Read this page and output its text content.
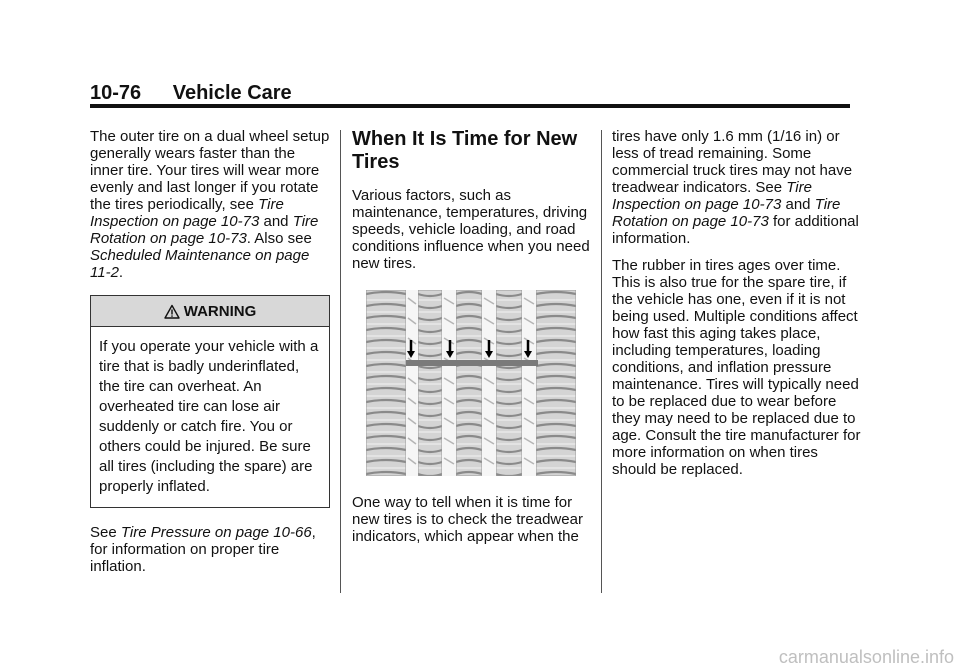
10-76 Vehicle Care

The outer tire on a dual wheel setup generally wears faster than the inner tire. Your tires will wear more evenly and last longer if you rotate the tires periodically, see Tire Inspection on page 10-73 and Tire Rotation on page 10-73. Also see Scheduled Maintenance on page 11-2.

WARNING
If you operate your vehicle with a tire that is badly underinflated, the tire can overheat. An overheated tire can lose air suddenly or catch fire. You or others could be injured. Be sure all tires (including the spare) are properly inflated.

See Tire Pressure on page 10-66, for information on proper tire inflation.

When It Is Time for New Tires

Various factors, such as maintenance, temperatures, driving speeds, vehicle loading, and road conditions influence when you need new tires.

One way to tell when it is time for new tires is to check the treadwear indicators, which appear when the

tires have only 1.6 mm (1/16 in) or less of tread remaining. Some commercial truck tires may not have treadwear indicators. See Tire Inspection on page 10-73 and Tire Rotation on page 10-73 for additional information.

The rubber in tires ages over time. This is also true for the spare tire, if the vehicle has one, even if it is not being used. Multiple conditions affect how fast this aging takes place, including temperatures, loading conditions, and inflation pressure maintenance. Tires will typically need to be replaced due to wear before they may need to be replaced due to age. Consult the tire manufacturer for more information on when tires should be replaced.

carmanualsonline.info
